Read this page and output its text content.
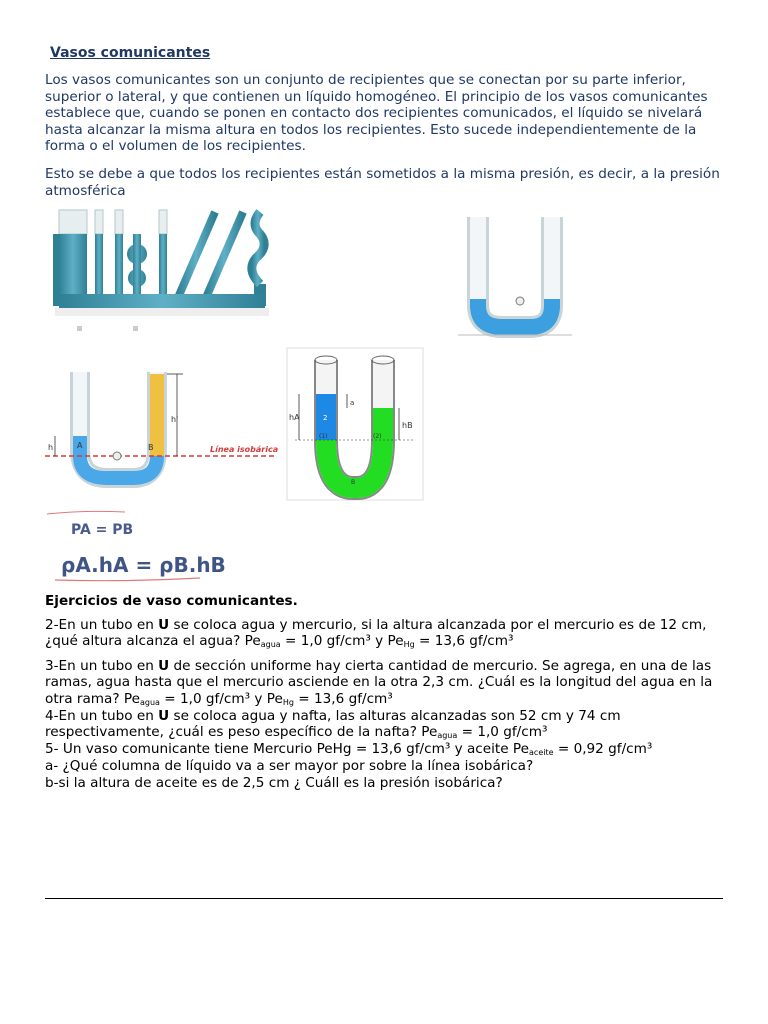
Vasos comunicantes

Los vasos comunicantes son un conjunto de recipientes que se conectan por su parte inferior, superior o lateral, y que contienen un líquido homogéneo. El principio de los vasos comunicantes establece que, cuando se ponen en contacto dos recipientes comunicados, el líquido se nivelará hasta alcanzar la misma altura en todos los recipientes. Esto sucede independientemente de la forma o el volumen de los recipientes.

Esto se debe a que todos los recipientes están sometidos a la misma presión, es decir, a la presión atmosférica

h	A	B
h'
Línea isobárica
hA
a
hB
2
(1)	(2)
B
PA = PB
ρA.hA = ρB.hB
Ejercicios de vaso comunicantes.

2-En un tubo en U se coloca agua y mercurio, si la altura alcanzada por el mercurio es de 12 cm, ¿qué altura alcanza el agua? $Pe_{agua} = 1,0$ gf/cm³ y $Pe_{Hg} = 13,6$ gf/cm³

3-En un tubo en U de sección uniforme hay cierta cantidad de mercurio. Se agrega, en una de las ramas, agua hasta que el mercurio asciende en la otra 2,3 cm. ¿Cuál es la longitud del agua en la otra rama? $Pe_{agua} = 1,0$ gf/cm³ y $Pe_{Hg} = 13,6$ gf/cm³

4-En un tubo en U se coloca agua y nafta, las alturas alcanzadas son 52 cm y 74 cm respectivamente, ¿cuál es peso específico de la nafta? $Pe_{agua} = 1,0$ gf/cm³

5- Un vaso comunicante tiene Mercurio PeHg = 13,6 gf/cm³ y aceite $Pe_{aceite} = 0,92$ gf/cm³

a- ¿Qué columna de líquido va a ser mayor por sobre la línea isobárica?

b-si la altura de aceite es de 2,5 cm ¿ Cuáll es la presión isobárica?
